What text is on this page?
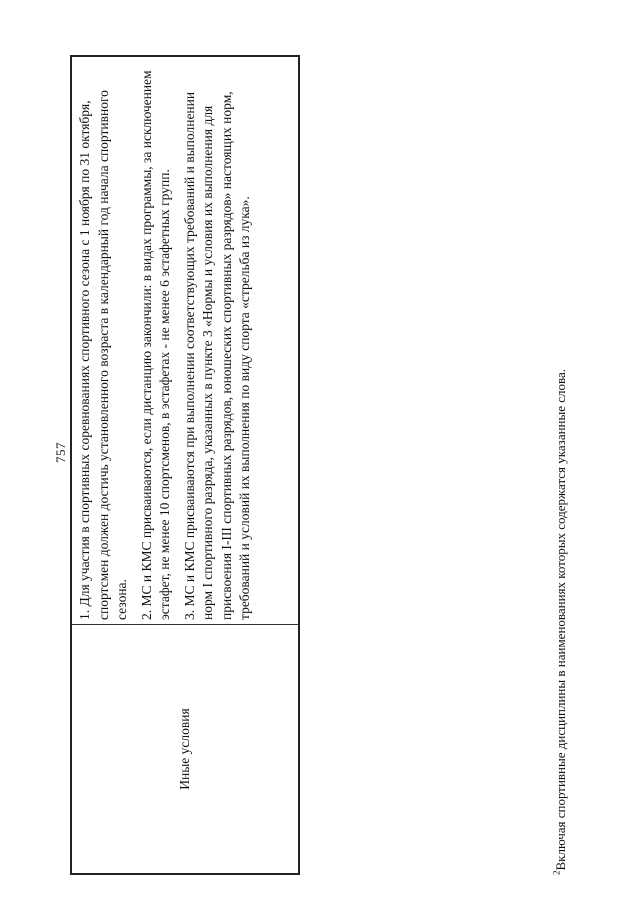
757
Иные условия

1. Для участия в спортивных соревнованиях спортивного сезона с 1 ноября по 31 октября, спортсмен должен достичь установленного возраста в календарный год начала спортивного сезона. 2. МС и КМС присваиваются, если дистанцию закончили: в видах программы, за исключением эстафет, не менее 10 спортсменов, в эстафетах - не менее 6 эстафетных групп. 3. МС и КМС присваиваются при выполнении соответствующих требований и выполнении норм I спортивного разряда, указанных в пункте 3 «Нормы и условия их выполнения для присвоения I-III спортивных разрядов, юношеских спортивных разрядов» настоящих норм, требований и условий их выполнения по виду спорта «стрельба из лука».

$^2$Включая спортивные дисциплины в наименованиях которых содержатся указанные слова.
